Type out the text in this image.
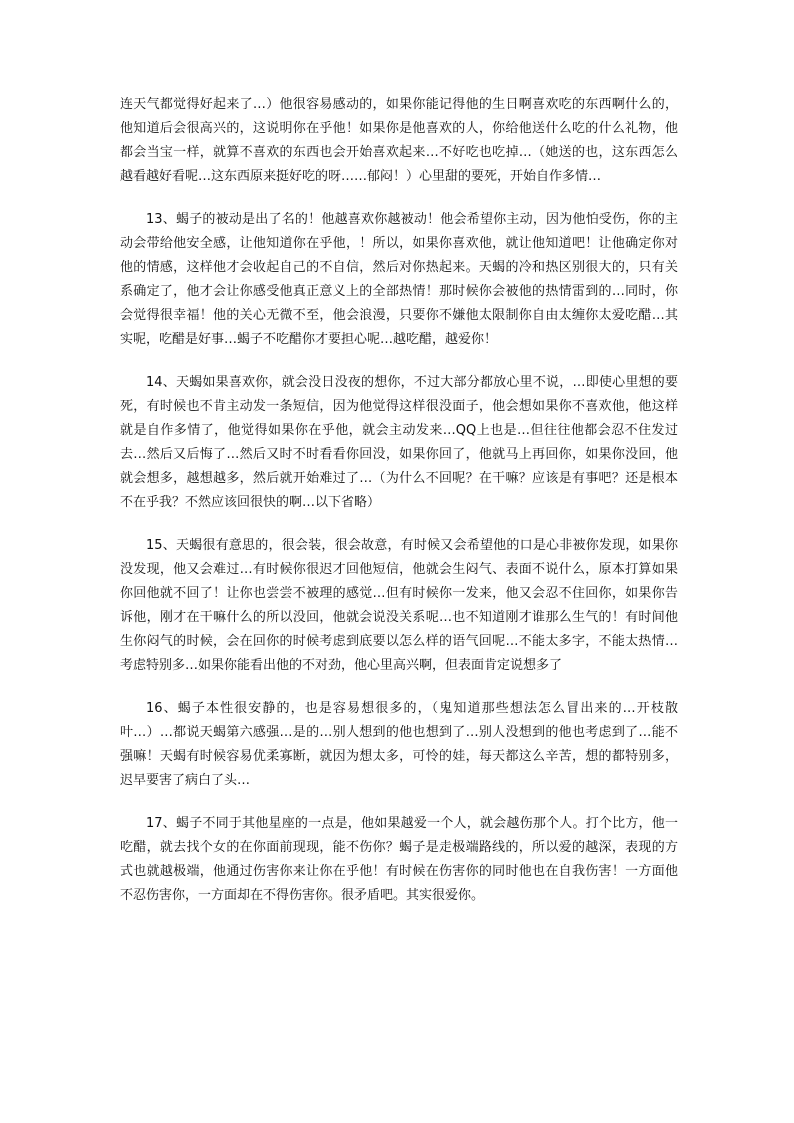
连天气都觉得好起来了…）他很容易感动的，如果你能记得他的生日啊喜欢吃的东西啊什么的，他知道后会很高兴的，这说明你在乎他！如果你是他喜欢的人，你给他送什么吃的什么礼物，他都会当宝一样，就算不喜欢的东西也会开始喜欢起来…不好吃也吃掉…（她送的也，这东西怎么越看越好看呢…这东西原来挺好吃的呀……郁闷！）心里甜的要死，开始自作多情…

13、蝎子的被动是出了名的！他越喜欢你越被动！他会希望你主动，因为他怕受伤，你的主动会带给他安全感，让他知道你在乎他，！所以，如果你喜欢他，就让他知道吧！让他确定你对他的情感，这样他才会收起自己的不自信，然后对你热起来。天蝎的冷和热区别很大的，只有关系确定了，他才会让你感受他真正意义上的全部热情！那时候你会被他的热情雷到的…同时，你会觉得很幸福！他的关心无微不至，他会浪漫，只要你不嫌他太限制你自由太缠你太爱吃醋…其实呢，吃醋是好事…蝎子不吃醋你才要担心呢…越吃醋，越爱你！

14、天蝎如果喜欢你，就会没日没夜的想你，不过大部分都放心里不说，…即使心里想的要死，有时候也不肯主动发一条短信，因为他觉得这样很没面子，他会想如果你不喜欢他，他这样就是自作多情了，他觉得如果你在乎他，就会主动发来…QQ上也是…但往往他都会忍不住发过去…然后又后悔了…然后又时不时看看你回没，如果你回了，他就马上再回你，如果你没回，他就会想多，越想越多，然后就开始难过了…（为什么不回呢？在干嘛？应该是有事吧？还是根本不在乎我？不然应该回很快的啊…以下省略）

15、天蝎很有意思的，很会装，很会故意，有时候又会希望他的口是心非被你发现，如果你没发现，他又会难过…有时候你很迟才回他短信，他就会生闷气、表面不说什么，原本打算如果你回他就不回了！让你也尝尝不被理的感觉…但有时候你一发来，他又会忍不住回你，如果你告诉他，刚才在干嘛什么的所以没回，他就会说没关系呢…也不知道刚才谁那么生气的！有时间他生你闷气的时候，会在回你的时候考虑到底要以怎么样的语气回呢…不能太多字，不能太热情…考虑特别多…如果你能看出他的不对劲，他心里高兴啊，但表面肯定说想多了

16、蝎子本性很安静的，也是容易想很多的，（鬼知道那些想法怎么冒出来的…开枝散叶…）…都说天蝎第六感强…是的…别人想到的他也想到了…别人没想到的他也考虑到了…能不强嘛！天蝎有时候容易优柔寡断，就因为想太多，可怜的娃，每天都这么辛苦，想的都特别多，迟早要害了病白了头…

17、蝎子不同于其他星座的一点是，他如果越爱一个人，就会越伤那个人。打个比方，他一吃醋，就去找个女的在你面前现现，能不伤你？蝎子是走极端路线的，所以爱的越深，表现的方式也就越极端，他通过伤害你来让你在乎他！有时候在伤害你的同时他也在自我伤害！一方面他不忍伤害你，一方面却在不得伤害你。很矛盾吧。其实很爱你。
